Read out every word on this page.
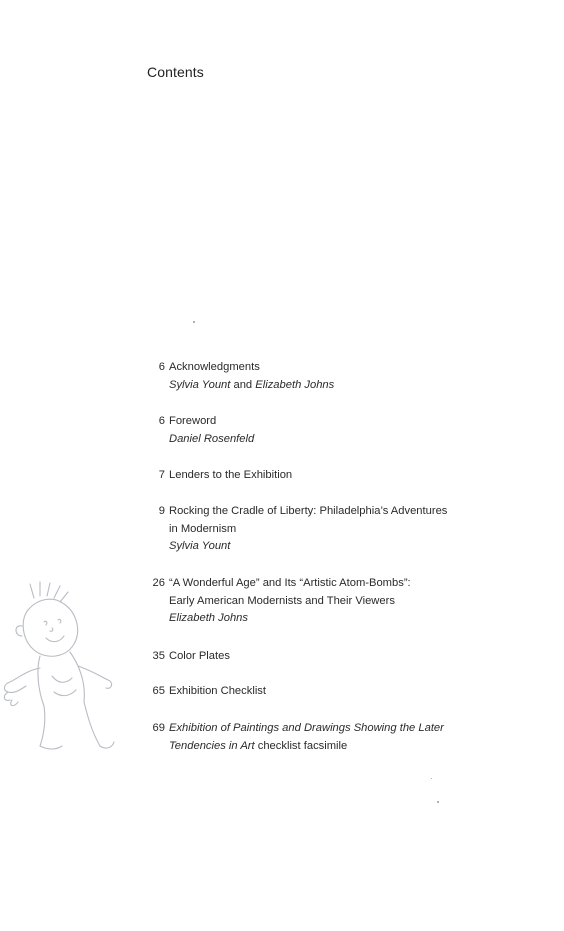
Contents
6 Acknowledgments
Sylvia Yount and Elizabeth Johns
6 Foreword
Daniel Rosenfeld
7 Lenders to the Exhibition
9 Rocking the Cradle of Liberty: Philadelphia’s Adventures
in Modernism
Sylvia Yount
26 “A Wonderful Age” and Its “Artistic Atom-Bombs”:
Early American Modernists and Their Viewers
Elizabeth Johns
35 Color Plates
65 Exhibition Checklist
69 Exhibition of Paintings and Drawings Showing the Later
Tendencies in Art checklist facsimile
